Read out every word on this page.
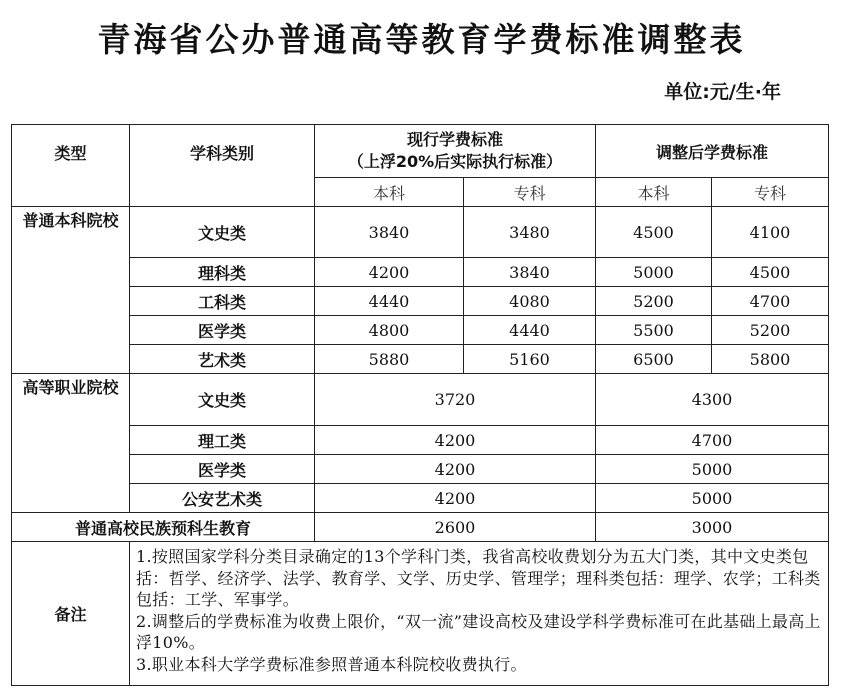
青海省公办普通高等教育学费标准调整表
单位:元/生·年
类型	学科类别	现行学费标准
（上浮20%后实际执行标准）		调整后学费标准	
		本科	专科	本科	专科
普通本科院校	文史类	3840	3480	4500	4100
	理科类	4200	3840	5000	4500
	工科类	4440	4080	5200	4700
	医学类	4800	4440	5500	5200
	艺术类	5880	5160	6500	5800
高等职业院校	文史类	3720		4300	
	理工类	4200		4700	
	医学类	4200		5000	
	公安艺术类	4200		5000	
普通高校民族预科生教育		2600		3000	
备注	1.按照国家学科分类目录确定的13个学科门类，我省高校收费划分为五大门类，其中文史类包括：哲学、经济学、法学、教育学、文学、历史学、管理学；理科类包括：理学、农学；工科类包括：工学、军事学。

2.调整后的学费标准为收费上限价，“双一流”建设高校及建设学科学费标准可在此基础上最高上浮10%。

3.职业本科大学学费标准参照普通本科院校收费执行。				
